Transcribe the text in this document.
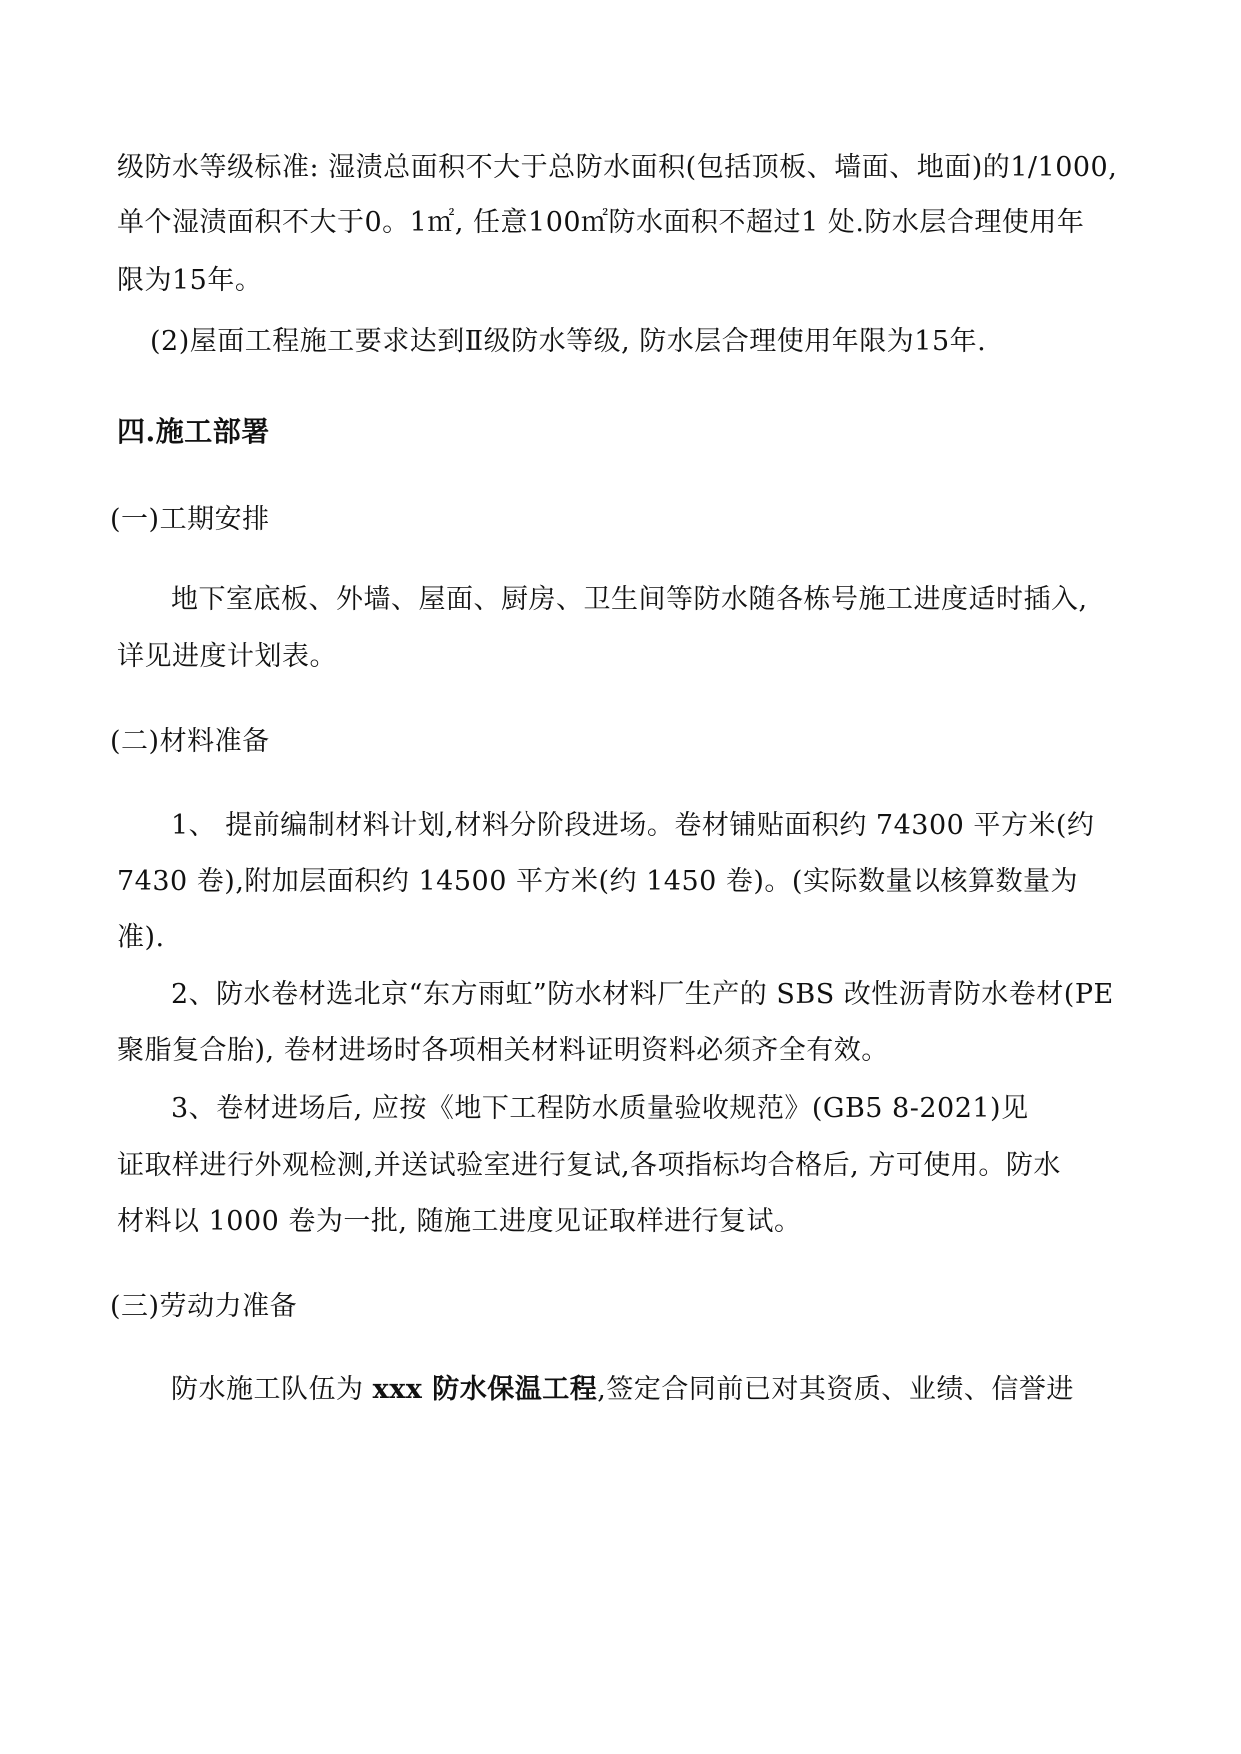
级防水等级标准: 湿渍总面积不大于总防水面积(包括顶板、墙面、地面)的1/1000,
单个湿渍面积不大于0。1㎡, 任意100㎡防水面积不超过1 处.防水层合理使用年
限为15年。
(2)屋面工程施工要求达到Ⅱ级防水等级, 防水层合理使用年限为15年.
四.施工部署
(一)工期安排
地下室底板、外墙、屋面、厨房、卫生间等防水随各栋号施工进度适时插入,
详见进度计划表。
(二)材料准备
1、 提前编制材料计划,材料分阶段进场。卷材铺贴面积约 74300 平方米(约
7430 卷),附加层面积约 14500 平方米(约 1450 卷)。(实际数量以核算数量为
准).
2、防水卷材选北京“东方雨虹”防水材料厂生产的 SBS 改性沥青防水卷材(PE
聚脂复合胎), 卷材进场时各项相关材料证明资料必须齐全有效。
3、卷材进场后, 应按《地下工程防水质量验收规范》(GB5 8-2021)见
证取样进行外观检测,并送试验室进行复试,各项指标均合格后, 方可使用。防水
材料以 1000 卷为一批, 随施工进度见证取样进行复试。
(三)劳动力准备
防水施工队伍为 xxx 防水保温工程,签定合同前已对其资质、业绩、信誉进
